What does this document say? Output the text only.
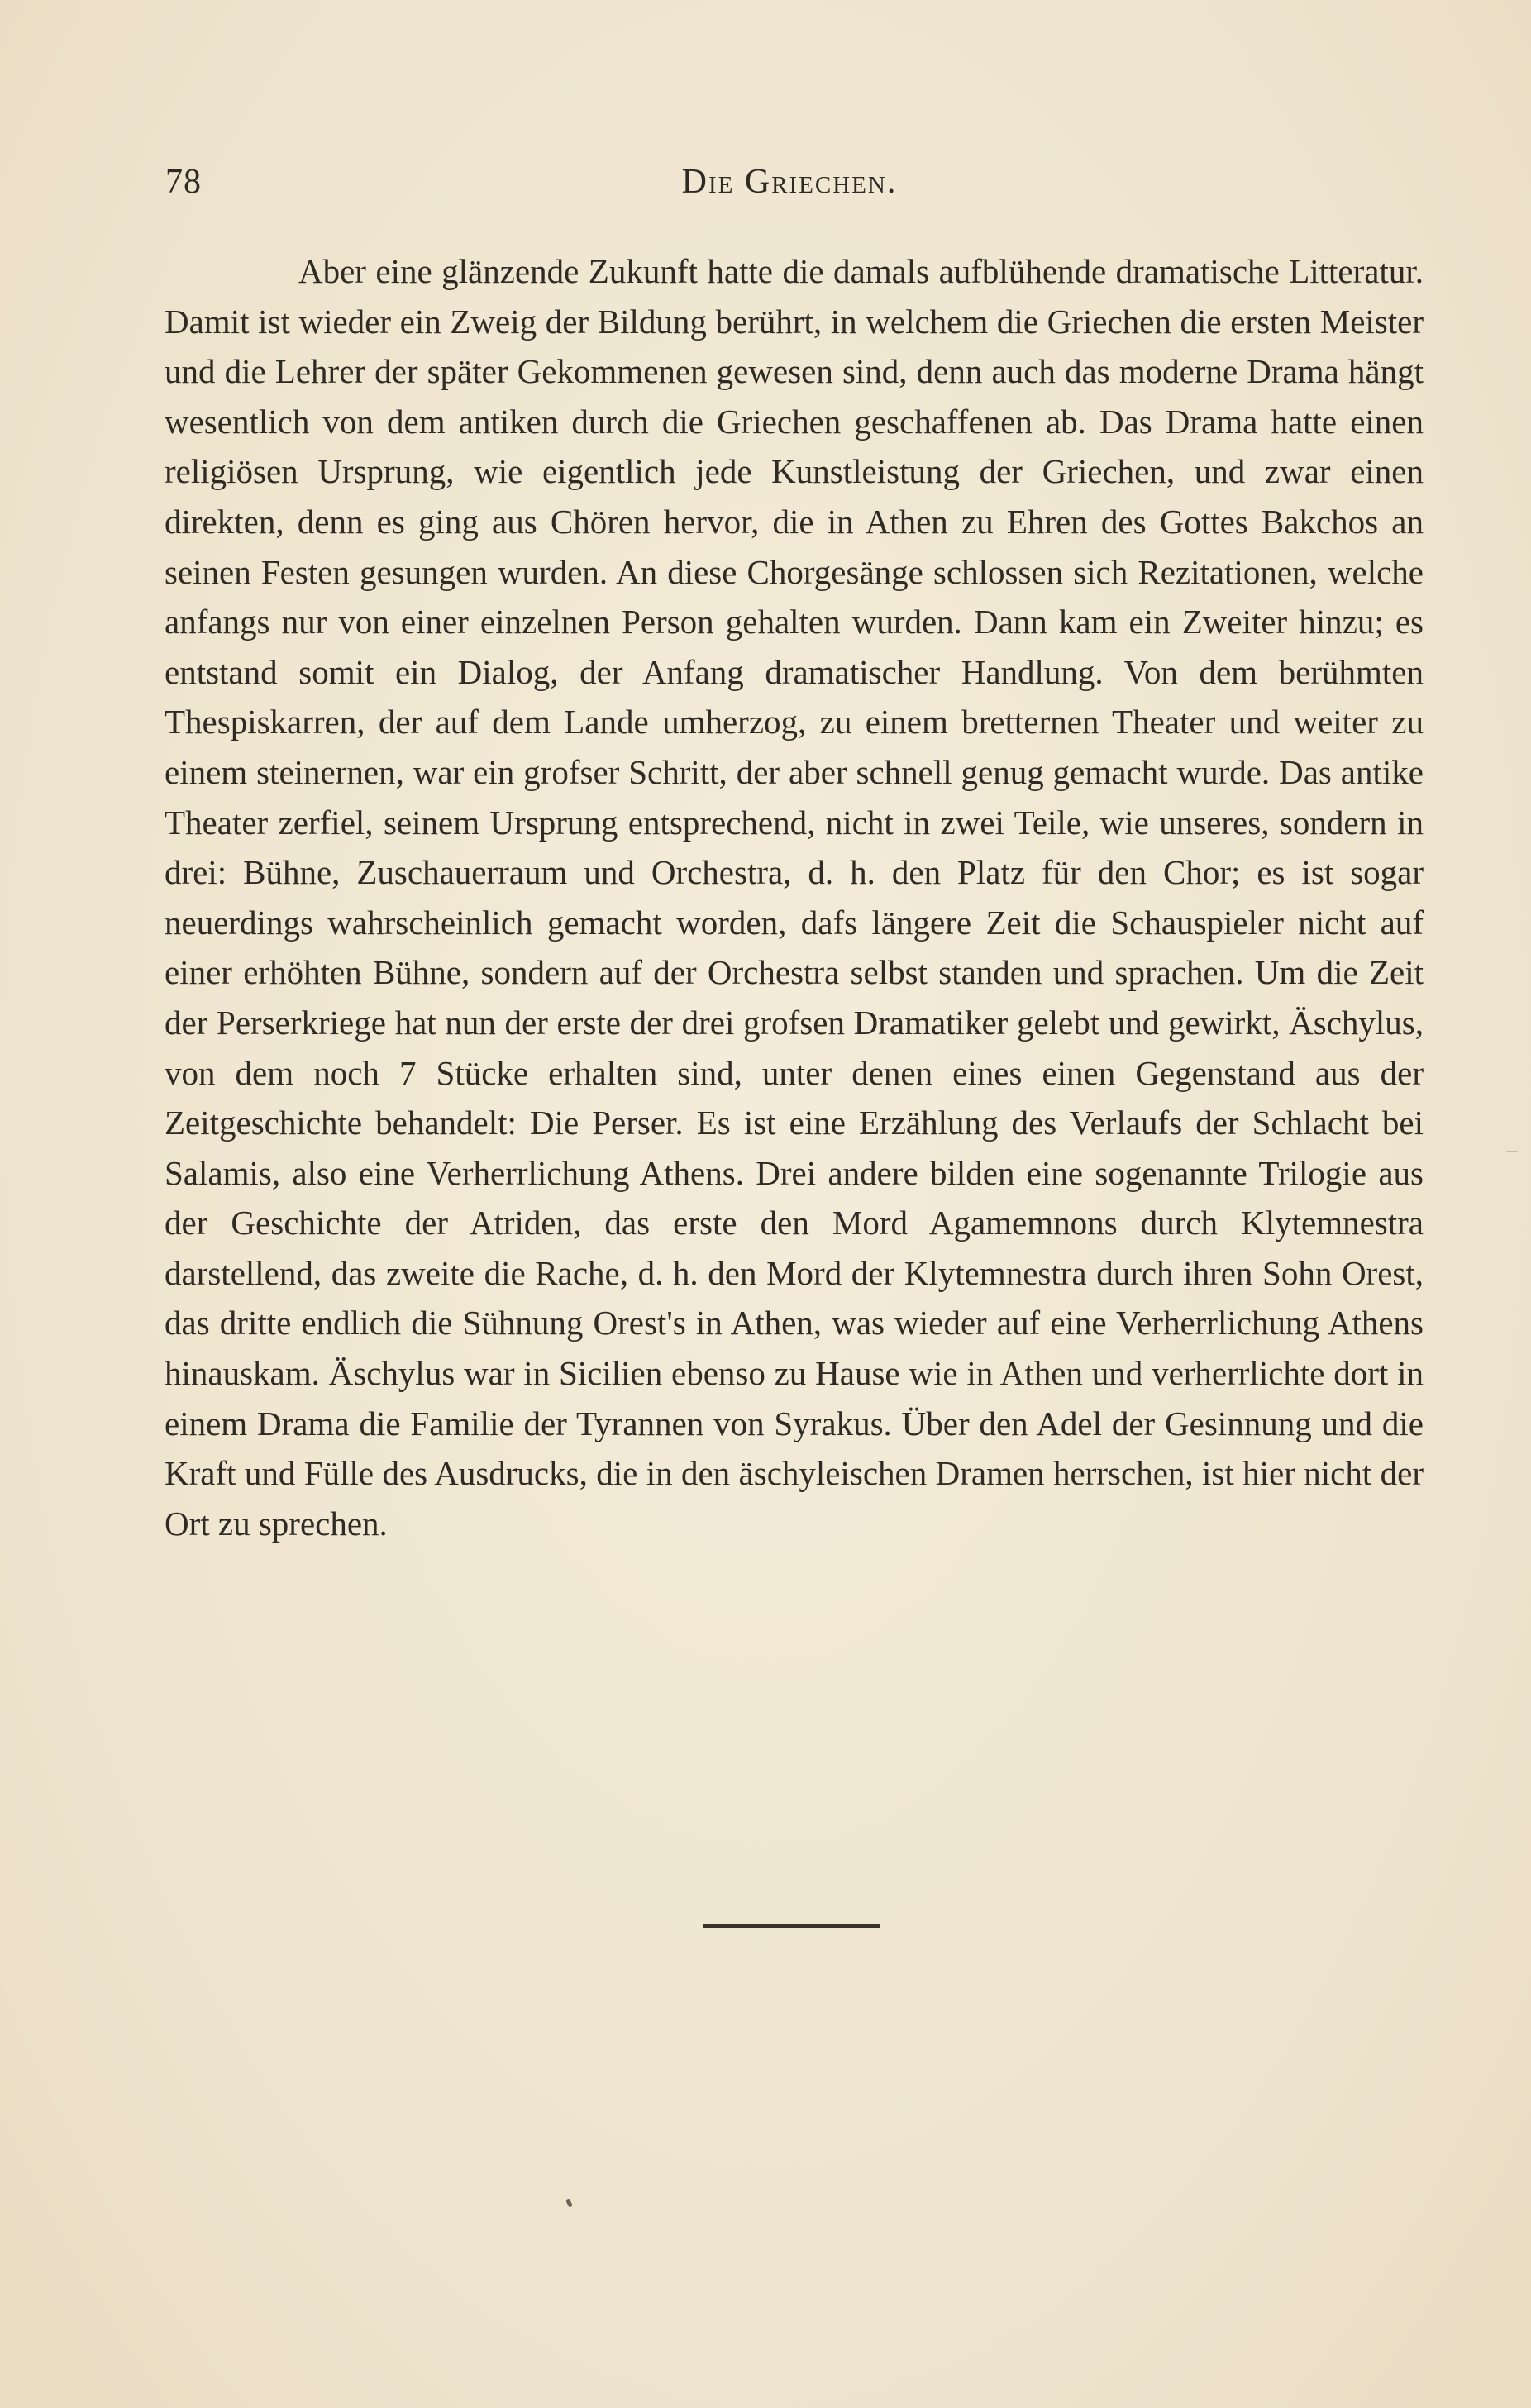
78	Die Griechen.

Aber eine glänzende Zukunft hatte die damals aufblühende dramatische Litteratur. Damit ist wieder ein Zweig der Bildung berührt, in welchem die Griechen die ersten Meister und die Lehrer der später Gekommenen gewesen sind, denn auch das moderne Drama hängt wesentlich von dem antiken durch die Griechen geschaffenen ab. Das Drama hatte einen religiösen Ursprung, wie eigentlich jede Kunstleistung der Griechen, und zwar einen direkten, denn es ging aus Chören hervor, die in Athen zu Ehren des Gottes Bakchos an seinen Festen gesungen wurden. An diese Chorgesänge schlossen sich Rezitationen, welche anfangs nur von einer einzelnen Person gehalten wurden. Dann kam ein Zweiter hinzu; es entstand somit ein Dialog, der Anfang dramatischer Handlung. Von dem berühmten Thespiskarren, der auf dem Lande umherzog, zu einem bretternen Theater und weiter zu einem steinernen, war ein grofser Schritt, der aber schnell genug gemacht wurde. Das antike Theater zerfiel, seinem Ursprung entsprechend, nicht in zwei Teile, wie unseres, sondern in drei: Bühne, Zuschauerraum und Orchestra, d. h. den Platz für den Chor; es ist sogar neuerdings wahrscheinlich gemacht worden, dafs längere Zeit die Schauspieler nicht auf einer erhöhten Bühne, sondern auf der Orchestra selbst standen und sprachen. Um die Zeit der Perserkriege hat nun der erste der drei grofsen Dramatiker gelebt und gewirkt, Äschylus, von dem noch 7 Stücke erhalten sind, unter denen eines einen Gegenstand aus der Zeitgeschichte behandelt: Die Perser. Es ist eine Erzählung des Verlaufs der Schlacht bei Salamis, also eine Verherrlichung Athens. Drei andere bilden eine sogenannte Trilogie aus der Geschichte der Atriden, das erste den Mord Agamemnons durch Klytemnestra darstellend, das zweite die Rache, d. h. den Mord der Klytemnestra durch ihren Sohn Orest, das dritte endlich die Sühnung Orest's in Athen, was wieder auf eine Verherrlichung Athens hinauskam. Äschylus war in Sicilien ebenso zu Hause wie in Athen und verherrlichte dort in einem Drama die Familie der Tyrannen von Syrakus. Über den Adel der Gesinnung und die Kraft und Fülle des Ausdrucks, die in den äschyleischen Dramen herrschen, ist hier nicht der Ort zu sprechen.
